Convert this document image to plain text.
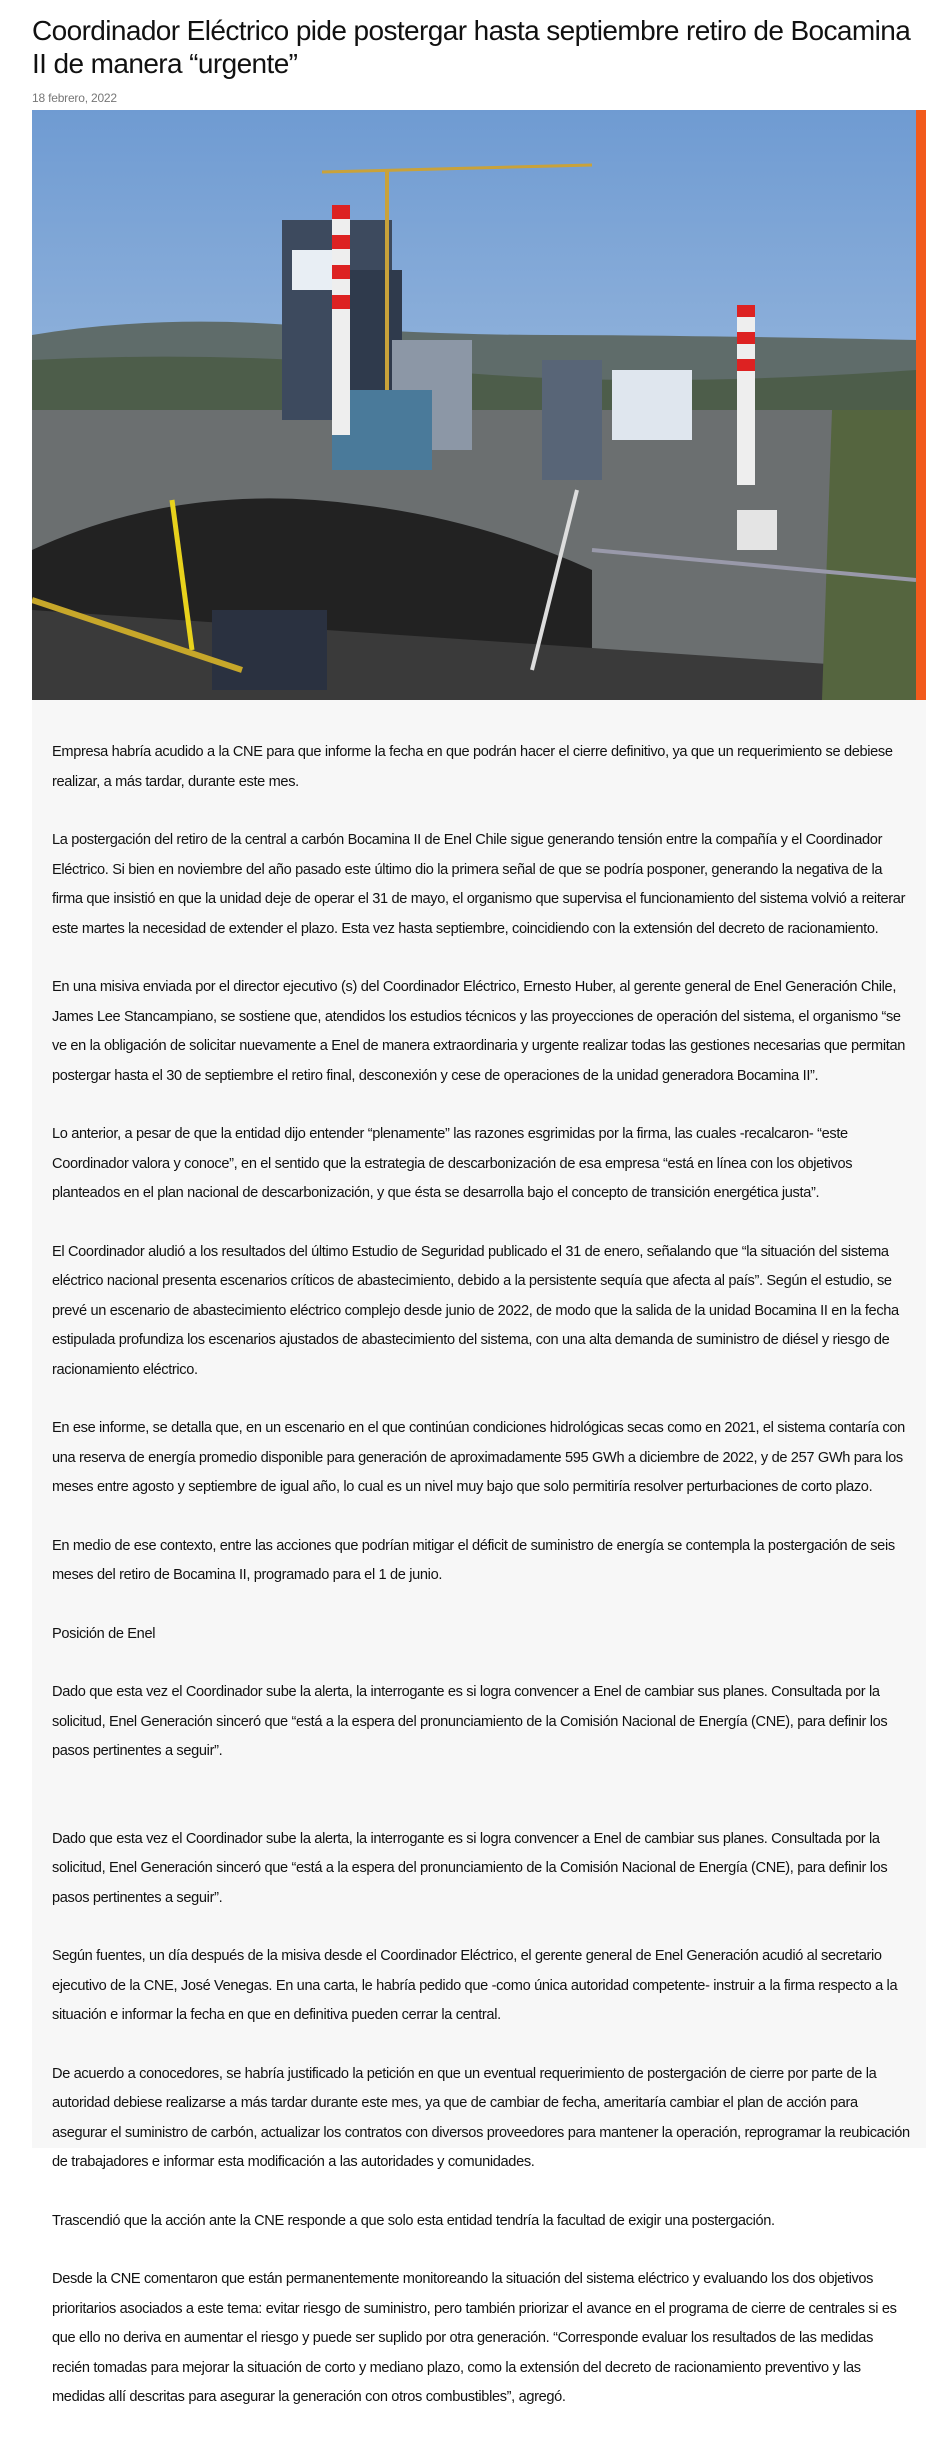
Coordinador Eléctrico pide postergar hasta septiembre retiro de Bocamina II de manera “urgente”
18 febrero, 2022

Empresa habría acudido a la CNE para que informe la fecha en que podrán hacer el cierre definitivo, ya que un requerimiento se debiese realizar, a más tardar, durante este mes.

La postergación del retiro de la central a carbón Bocamina II de Enel Chile sigue generando tensión entre la compañía y el Coordinador Eléctrico. Si bien en noviembre del año pasado este último dio la primera señal de que se podría posponer, generando la negativa de la firma que insistió en que la unidad deje de operar el 31 de mayo, el organismo que supervisa el funcionamiento del sistema volvió a reiterar este martes la necesidad de extender el plazo. Esta vez hasta septiembre, coincidiendo con la extensión del decreto de racionamiento.

En una misiva enviada por el director ejecutivo (s) del Coordinador Eléctrico, Ernesto Huber, al gerente general de Enel Generación Chile, James Lee Stancampiano, se sostiene que, atendidos los estudios técnicos y las proyecciones de operación del sistema, el organismo “se ve en la obligación de solicitar nuevamente a Enel de manera extraordinaria y urgente realizar todas las gestiones necesarias que permitan postergar hasta el 30 de septiembre el retiro final, desconexión y cese de operaciones de la unidad generadora Bocamina II”.

Lo anterior, a pesar de que la entidad dijo entender “plenamente” las razones esgrimidas por la firma, las cuales -recalcaron- “este Coordinador valora y conoce”, en el sentido que la estrategia de descarbonización de esa empresa “está en línea con los objetivos planteados en el plan nacional de descarbonización, y que ésta se desarrolla bajo el concepto de transición energética justa”.

El Coordinador aludió a los resultados del último Estudio de Seguridad publicado el 31 de enero, señalando que “la situación del sistema eléctrico nacional presenta escenarios críticos de abastecimiento, debido a la persistente sequía que afecta al país”. Según el estudio, se prevé un escenario de abastecimiento eléctrico complejo desde junio de 2022, de modo que la salida de la unidad Bocamina II en la fecha estipulada profundiza los escenarios ajustados de abastecimiento del sistema, con una alta demanda de suministro de diésel y riesgo de racionamiento eléctrico.

En ese informe, se detalla que, en un escenario en el que continúan condiciones hidrológicas secas como en 2021, el sistema contaría con una reserva de energía promedio disponible para generación de aproximadamente 595 GWh a diciembre de 2022, y de 257 GWh para los meses entre agosto y septiembre de igual año, lo cual es un nivel muy bajo que solo permitiría resolver perturbaciones de corto plazo.

En medio de ese contexto, entre las acciones que podrían mitigar el déficit de suministro de energía se contempla la postergación de seis meses del retiro de Bocamina II, programado para el 1 de junio.

Posición de Enel

Dado que esta vez el Coordinador sube la alerta, la interrogante es si logra convencer a Enel de cambiar sus planes. Consultada por la solicitud, Enel Generación sinceró que “está a la espera del pronunciamiento de la Comisión Nacional de Energía (CNE), para definir los pasos pertinentes a seguir”.

Dado que esta vez el Coordinador sube la alerta, la interrogante es si logra convencer a Enel de cambiar sus planes. Consultada por la solicitud, Enel Generación sinceró que “está a la espera del pronunciamiento de la Comisión Nacional de Energía (CNE), para definir los pasos pertinentes a seguir”.

Según fuentes, un día después de la misiva desde el Coordinador Eléctrico, el gerente general de Enel Generación acudió al secretario ejecutivo de la CNE, José Venegas. En una carta, le habría pedido que -como única autoridad competente- instruir a la firma respecto a la situación e informar la fecha en que en definitiva pueden cerrar la central.

De acuerdo a conocedores, se habría justificado la petición en que un eventual requerimiento de postergación de cierre por parte de la autoridad debiese realizarse a más tardar durante este mes, ya que de cambiar de fecha, ameritaría cambiar el plan de acción para asegurar el suministro de carbón, actualizar los contratos con diversos proveedores para mantener la operación, reprogramar la reubicación de trabajadores e informar esta modificación a las autoridades y comunidades.

Trascendió que la acción ante la CNE responde a que solo esta entidad tendría la facultad de exigir una postergación.

Desde la CNE comentaron que están permanentemente monitoreando la situación del sistema eléctrico y evaluando los dos objetivos prioritarios asociados a este tema: evitar riesgo de suministro, pero también priorizar el avance en el programa de cierre de centrales si es que ello no deriva en aumentar el riesgo y puede ser suplido por otra generación. “Corresponde evaluar los resultados de las medidas recién tomadas para mejorar la situación de corto y mediano plazo, como la extensión del decreto de racionamiento preventivo y las medidas allí descritas para asegurar la generación con otros combustibles”, agregó.
